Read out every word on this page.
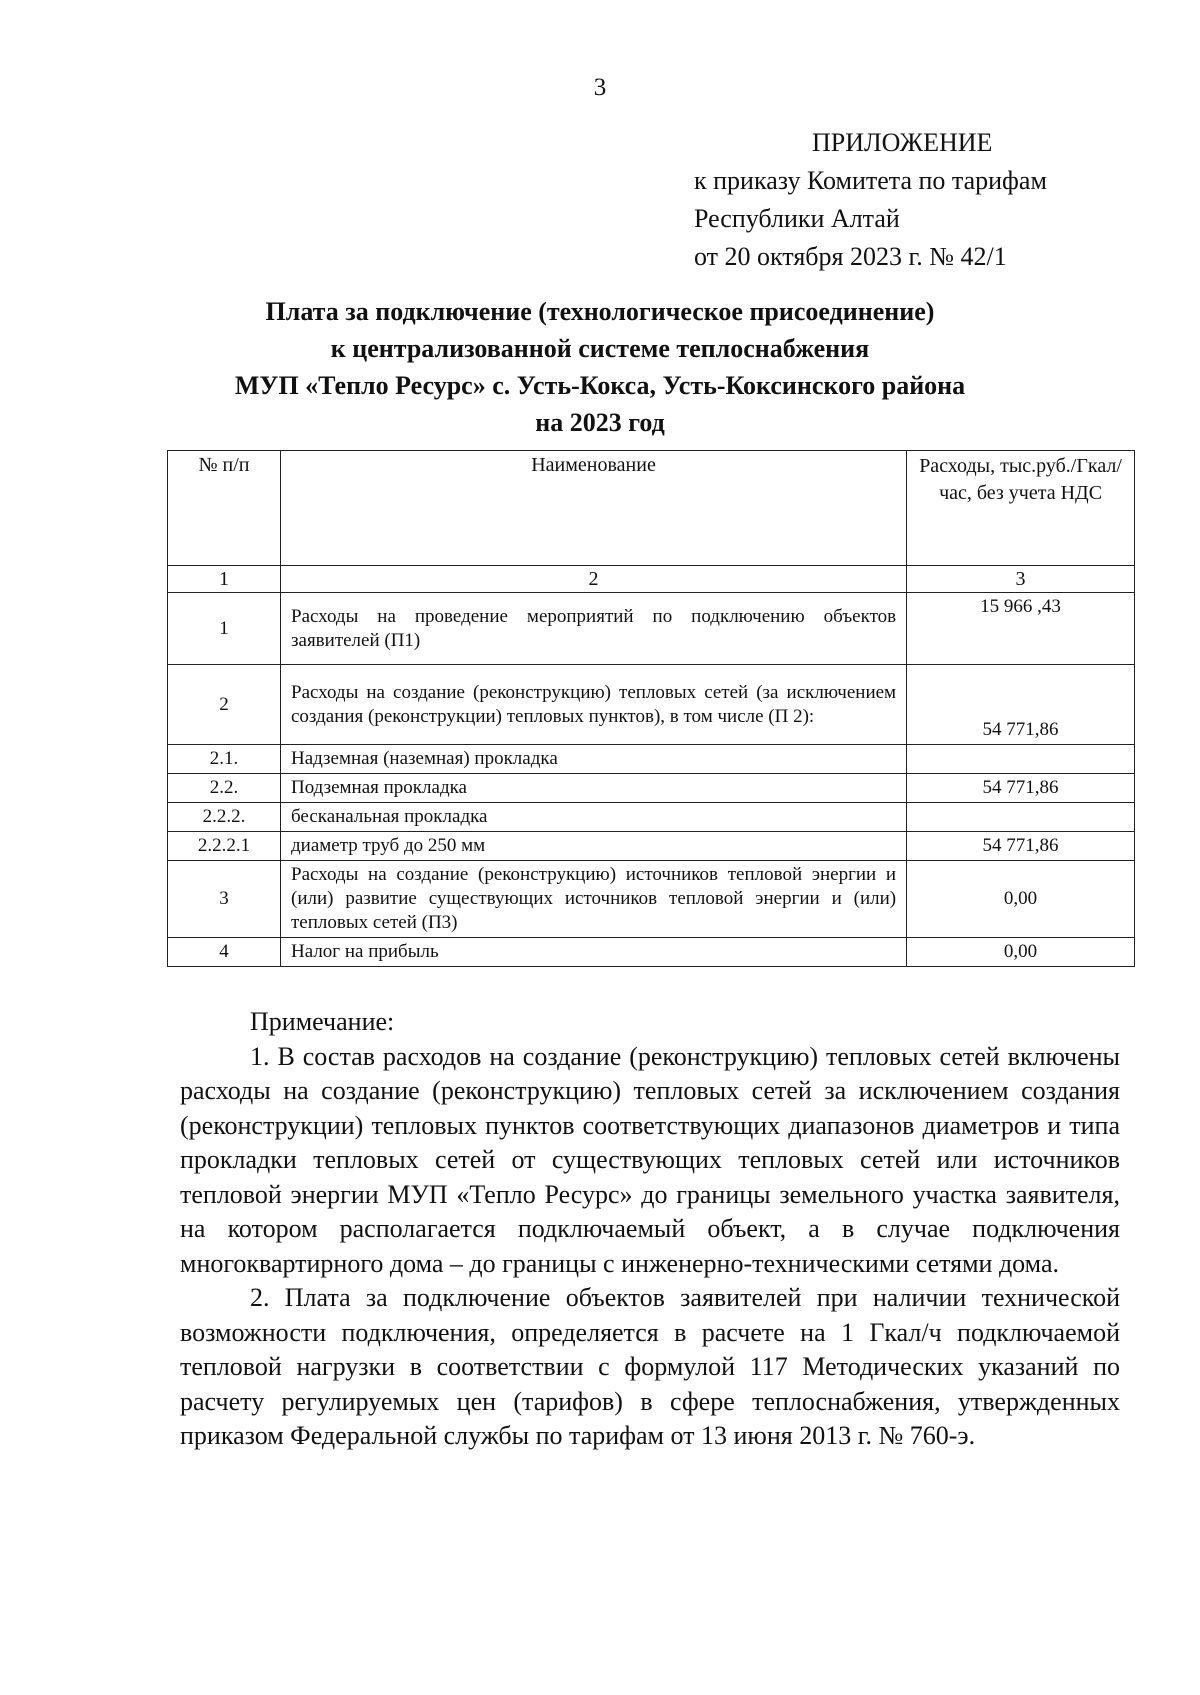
3
ПРИЛОЖЕНИЕ
к приказу Комитета по тарифам
Республики Алтай
от 20 октября 2023 г. № 42/1
Плата за подключение (технологическое присоединение)
к централизованной системе теплоснабжения
МУП «Тепло Ресурс» с. Усть-Кокса, Усть-Коксинского района
на 2023 год
№ п/п	Наименование	Расходы, тыс.руб./Гкал/час, без учета НДС
1	2	3
1	Расходы на проведение мероприятий по подключению объектов заявителей (П1)	15 966 ,43
2	Расходы на создание (реконструкцию) тепловых сетей (за исключением создания (реконструкции) тепловых пунктов), в том числе (П 2):	54 771,86
2.1.	Надземная (наземная) прокладка	
2.2.	Подземная прокладка	54 771,86
2.2.2.	бесканальная прокладка	
2.2.2.1	диаметр труб до 250 мм	54 771,86
3	Расходы на создание (реконструкцию) источников тепловой энергии и (или) развитие существующих источников тепловой энергии и (или) тепловых сетей (П3)	0,00
4	Налог на прибыль	0,00
Примечание:

1. В состав расходов на создание (реконструкцию) тепловых сетей включены расходы на создание (реконструкцию) тепловых сетей за исключением создания (реконструкции) тепловых пунктов соответствующих диапазонов диаметров и типа прокладки тепловых сетей от существующих тепловых сетей или источников тепловой энергии МУП «Тепло Ресурс» до границы земельного участка заявителя, на котором располагается подключаемый объект, а в случае подключения многоквартирного дома – до границы с инженерно-техническими сетями дома.

2. Плата за подключение объектов заявителей при наличии технической возможности подключения, определяется в расчете на 1 Гкал/ч подключаемой тепловой нагрузки в соответствии с формулой 117 Методических указаний по расчету регулируемых цен (тарифов) в сфере теплоснабжения, утвержденных приказом Федеральной службы по тарифам от 13 июня 2013 г. № 760-э.
